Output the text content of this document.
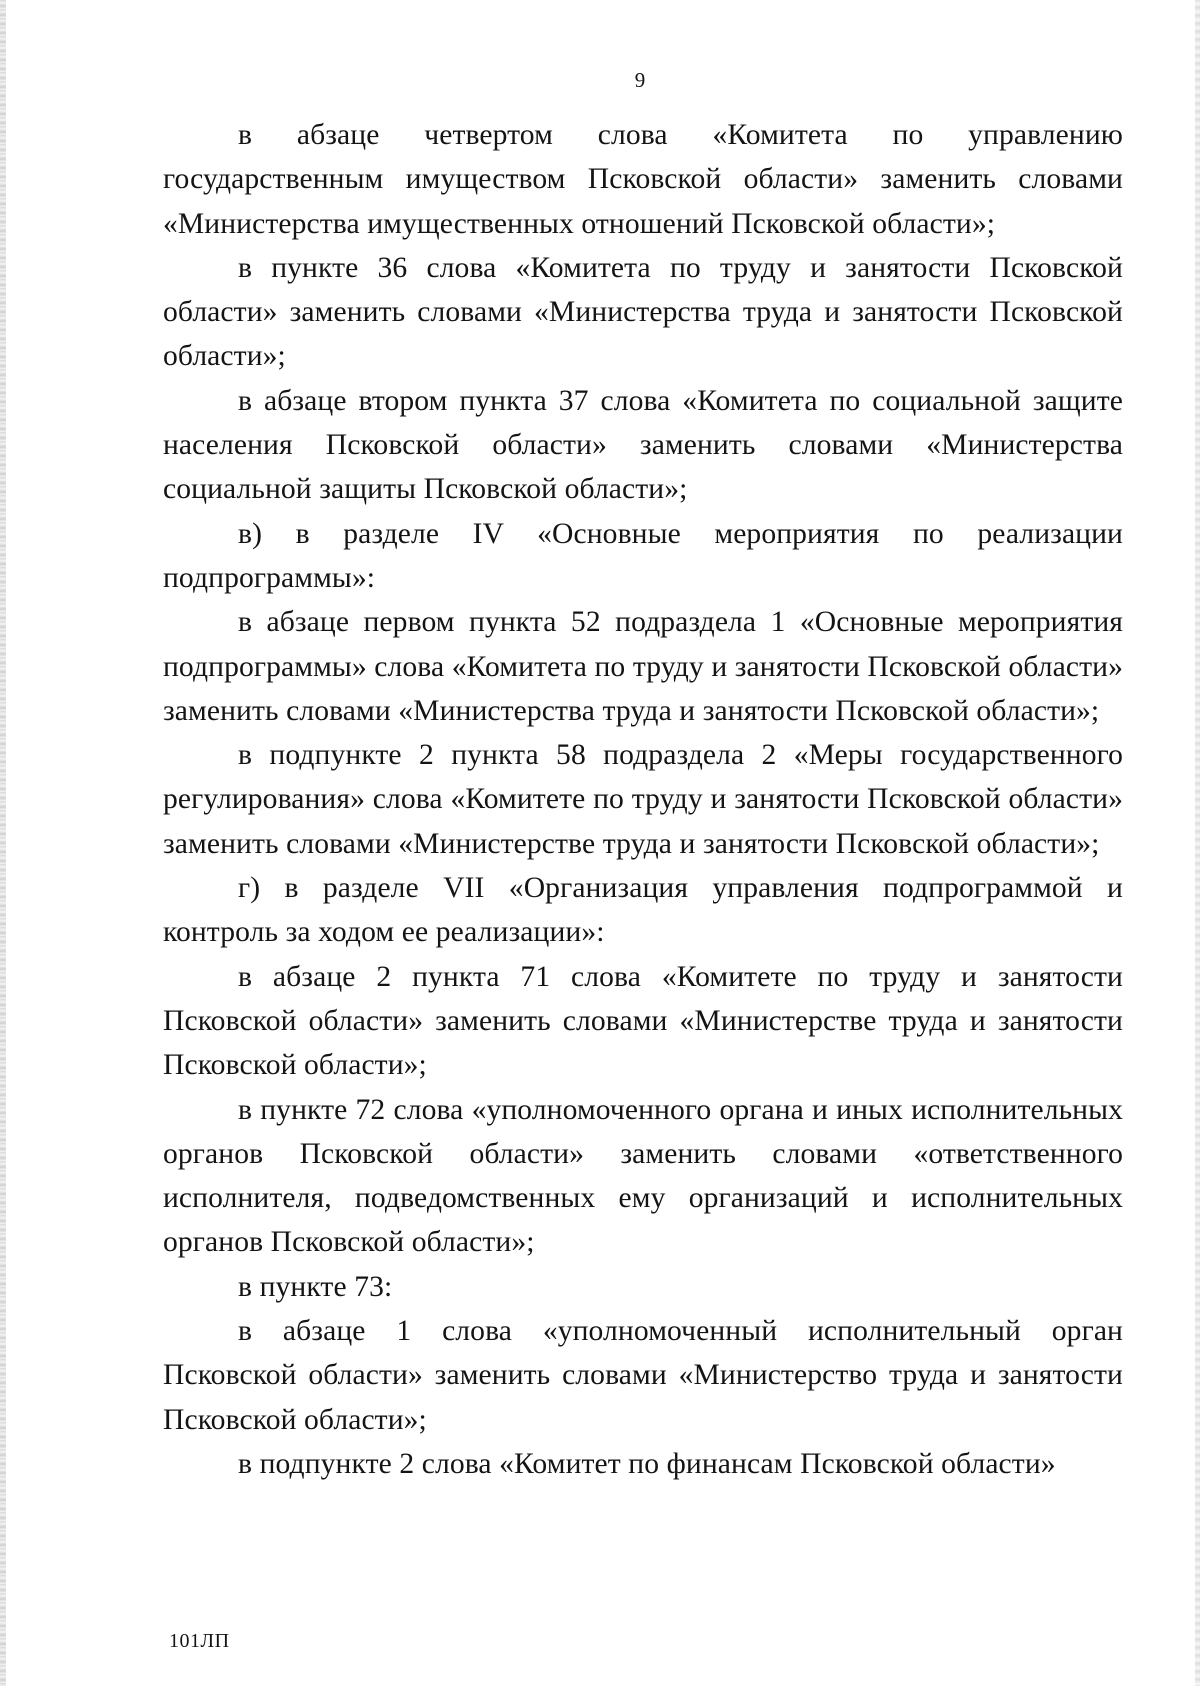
9

в абзаце четвертом слова «Комитета по управлению государственным имуществом Псковской области» заменить словами «Министерства имущественных отношений Псковской области»;

в пункте 36 слова «Комитета по труду и занятости Псковской области» заменить словами «Министерства труда и занятости Псковской области»;

в абзаце втором пункта 37 слова «Комитета по социальной защите населения Псковской области» заменить словами «Министерства социальной защиты Псковской области»;

в) в разделе IV «Основные мероприятия по реализации подпрограммы»:

в абзаце первом пункта 52 подраздела 1 «Основные мероприятия подпрограммы» слова «Комитета по труду и занятости Псковской области» заменить словами «Министерства труда и занятости Псковской области»;

в подпункте 2 пункта 58 подраздела 2 «Меры государственного регулирования» слова «Комитете по труду и занятости Псковской области» заменить словами «Министерстве труда и занятости Псковской области»;

г) в разделе VII «Организация управления подпрограммой и контроль за ходом ее реализации»:

в абзаце 2 пункта 71 слова «Комитете по труду и занятости Псковской области» заменить словами «Министерстве труда и занятости Псковской области»;

в пункте 72 слова «уполномоченного органа и иных исполнительных органов Псковской области» заменить словами «ответственного исполнителя, подведомственных ему организаций и исполнительных органов Псковской области»;

в пункте 73:

в абзаце 1 слова «уполномоченный исполнительный орган Псковской области» заменить словами «Министерство труда и занятости Псковской области»;

в подпункте 2 слова «Комитет по финансам Псковской области»

101ЛП
